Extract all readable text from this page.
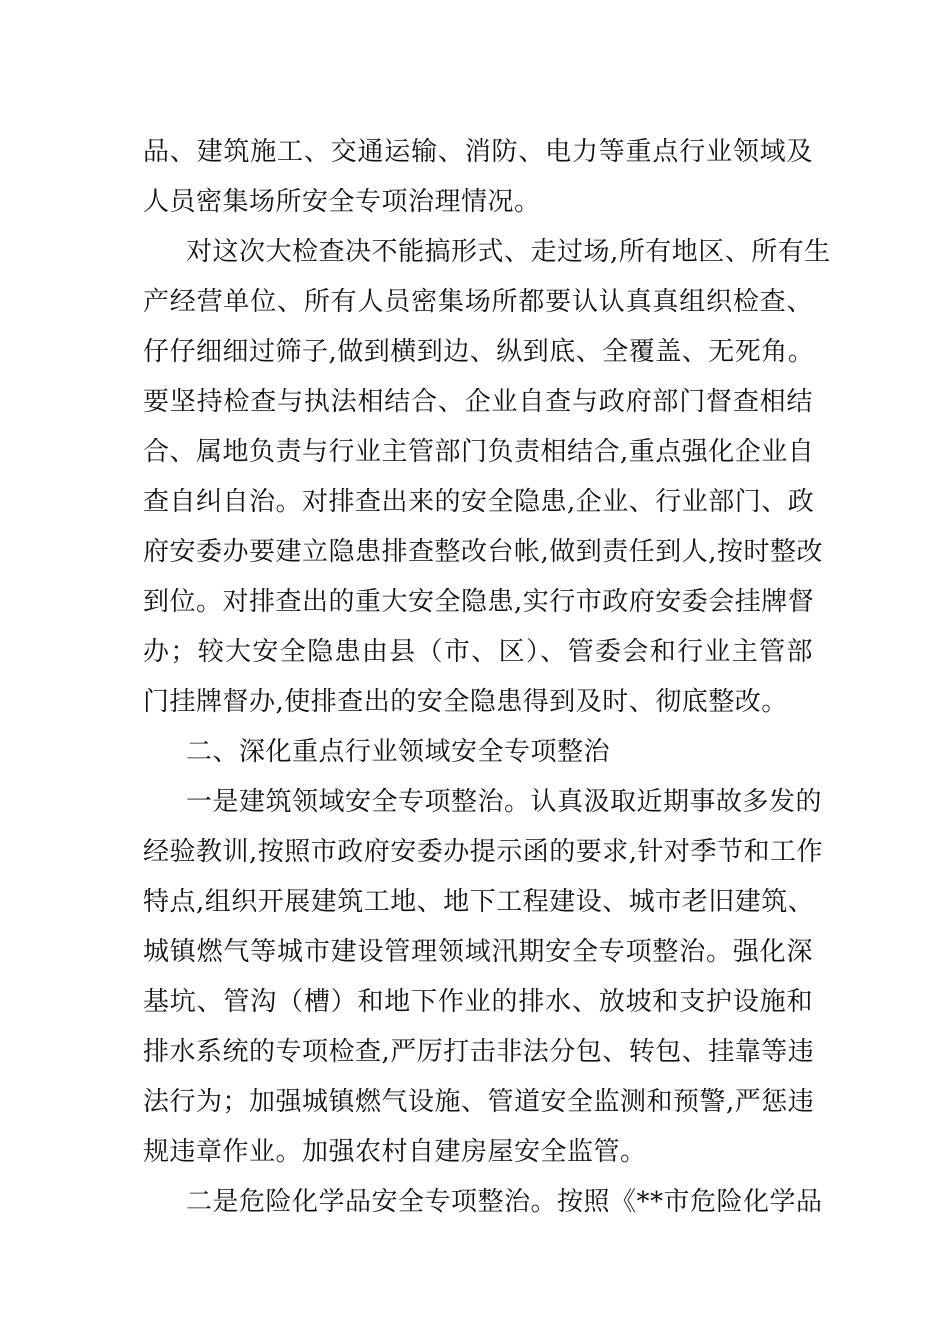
品、建筑施工、交通运输、消防、电力等重点行业领域及
人员密集场所安全专项治理情况。
对这次大检查决不能搞形式、走过场,所有地区、所有生
产经营单位、所有人员密集场所都要认认真真组织检查、
仔仔细细过筛子,做到横到边、纵到底、全覆盖、无死角。
要坚持检查与执法相结合、企业自查与政府部门督查相结
合、属地负责与行业主管部门负责相结合,重点强化企业自
查自纠自治。对排查出来的安全隐患,企业、行业部门、政
府安委办要建立隐患排查整改台帐,做到责任到人,按时整改
到位。对排查出的重大安全隐患,实行市政府安委会挂牌督
办；较大安全隐患由县（市、区）、管委会和行业主管部
门挂牌督办,使排查出的安全隐患得到及时、彻底整改。
二、深化重点行业领域安全专项整治
一是建筑领域安全专项整治。认真汲取近期事故多发的
经验教训,按照市政府安委办提示函的要求,针对季节和工作
特点,组织开展建筑工地、地下工程建设、城市老旧建筑、
城镇燃气等城市建设管理领域汛期安全专项整治。强化深
基坑、管沟（槽）和地下作业的排水、放坡和支护设施和
排水系统的专项检查,严厉打击非法分包、转包、挂靠等违
法行为；加强城镇燃气设施、管道安全监测和预警,严惩违
规违章作业。加强农村自建房屋安全监管。
二是危险化学品安全专项整治。按照《**市危险化学品
